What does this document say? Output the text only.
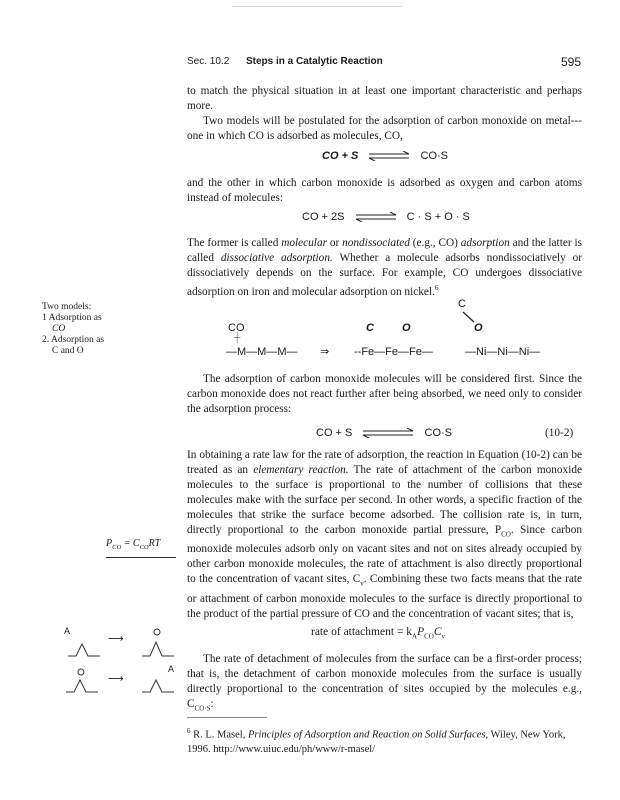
Sec. 10.2 Steps in a Catalytic Reaction	595

to match the physical situation in at least one important characteristic and perhaps more.

Two models will be postulated for the adsorption of carbon monoxide on metal---one in which CO is adsorbed as molecules, CO,

CO + S ⇌ CO·S

and the other in which carbon monoxide is adsorbed as oxygen and carbon atoms instead of molecules:

CO + 2S ⇌ C · S + O · S

The former is called molecular or nondissociated (e.g., CO) adsorption and the latter is called dissociative adsorption. Whether a molecule adsorbs nondissociatively or dissociatively depends on the surface. For example, CO undergoes dissociative adsorption on iron and molecular adsorption on nickel.$^6$

Two models:
1 Adsorption as
CO
2. Adsorption as
C and O
CO
┼
—M—M—M— ⇒
C	O
--Fe—Fe—Fe—
C
O
—Ni—Ni—Ni—

The adsorption of carbon monoxide molecules will be considered first. Since the carbon monoxide does not react further after being absorbed, we need only to consider the adsorption process:

CO + S	CO·S	(10-2)

In obtaining a rate law for the rate of adsorption, the reaction in Equation (10-2) can be treated as an elementary reaction. The rate of attachment of the carbon monoxide molecules to the surface is proportional to the number of collisions that these molecules make with the surface per second. In other words, a specific fraction of the molecules that strike the surface become adsorbed. The collision rate is, in turn, directly proportional to the carbon monoxide partial pressure, $P_{CO}$. Since carbon monoxide molecules adsorb only on vacant sites and not on sites already occupied by other carbon monoxide molecules, the rate of attachment is also directly proportional to the concentration of vacant sites, $C_v$. Combining these two facts means that the rate or attachment of carbon monoxide molecules to the surface is directly proportional to the product of the partial pressure of CO and the concentration of vacant sites; that is,

$P_{CO} = C_{CO}RT$
rate of attachment = $k_AP_{CO}C_v$
A
⟶
A
⟶

The rate of detachment of molecules from the surface can be a first-order process; that is, the detachment of carbon monoxide molecules from the surface is usually directly proportional to the concentration of sites occupied by the molecules e.g., $C_{CO\cdot S}$:

$^6$ R. L. Masel, Principles of Adsorption and Reaction on Solid Surfaces, Wiley, New York, 1996. http://www.uiuc.edu/ph/www/r-masel/
